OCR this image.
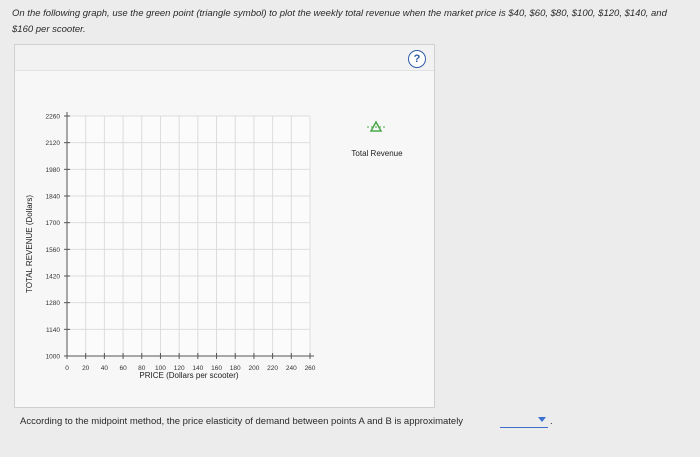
On the following graph, use the green point (triangle symbol) to plot the weekly total revenue when the market price is $40, $60, $80, $100, $120, $140, and $160 per scooter.
?
1000
1140
1280
1420
1560
1700
1840
1980
2120
2260
0 20 40 60 80 100 120 140 160 180 200 220 240 260
TOTAL REVENUE (Dollars)
PRICE (Dollars per scooter)
Total Revenue
According to the midpoint method, the price elasticity of demand between points A and B is approximately	.
